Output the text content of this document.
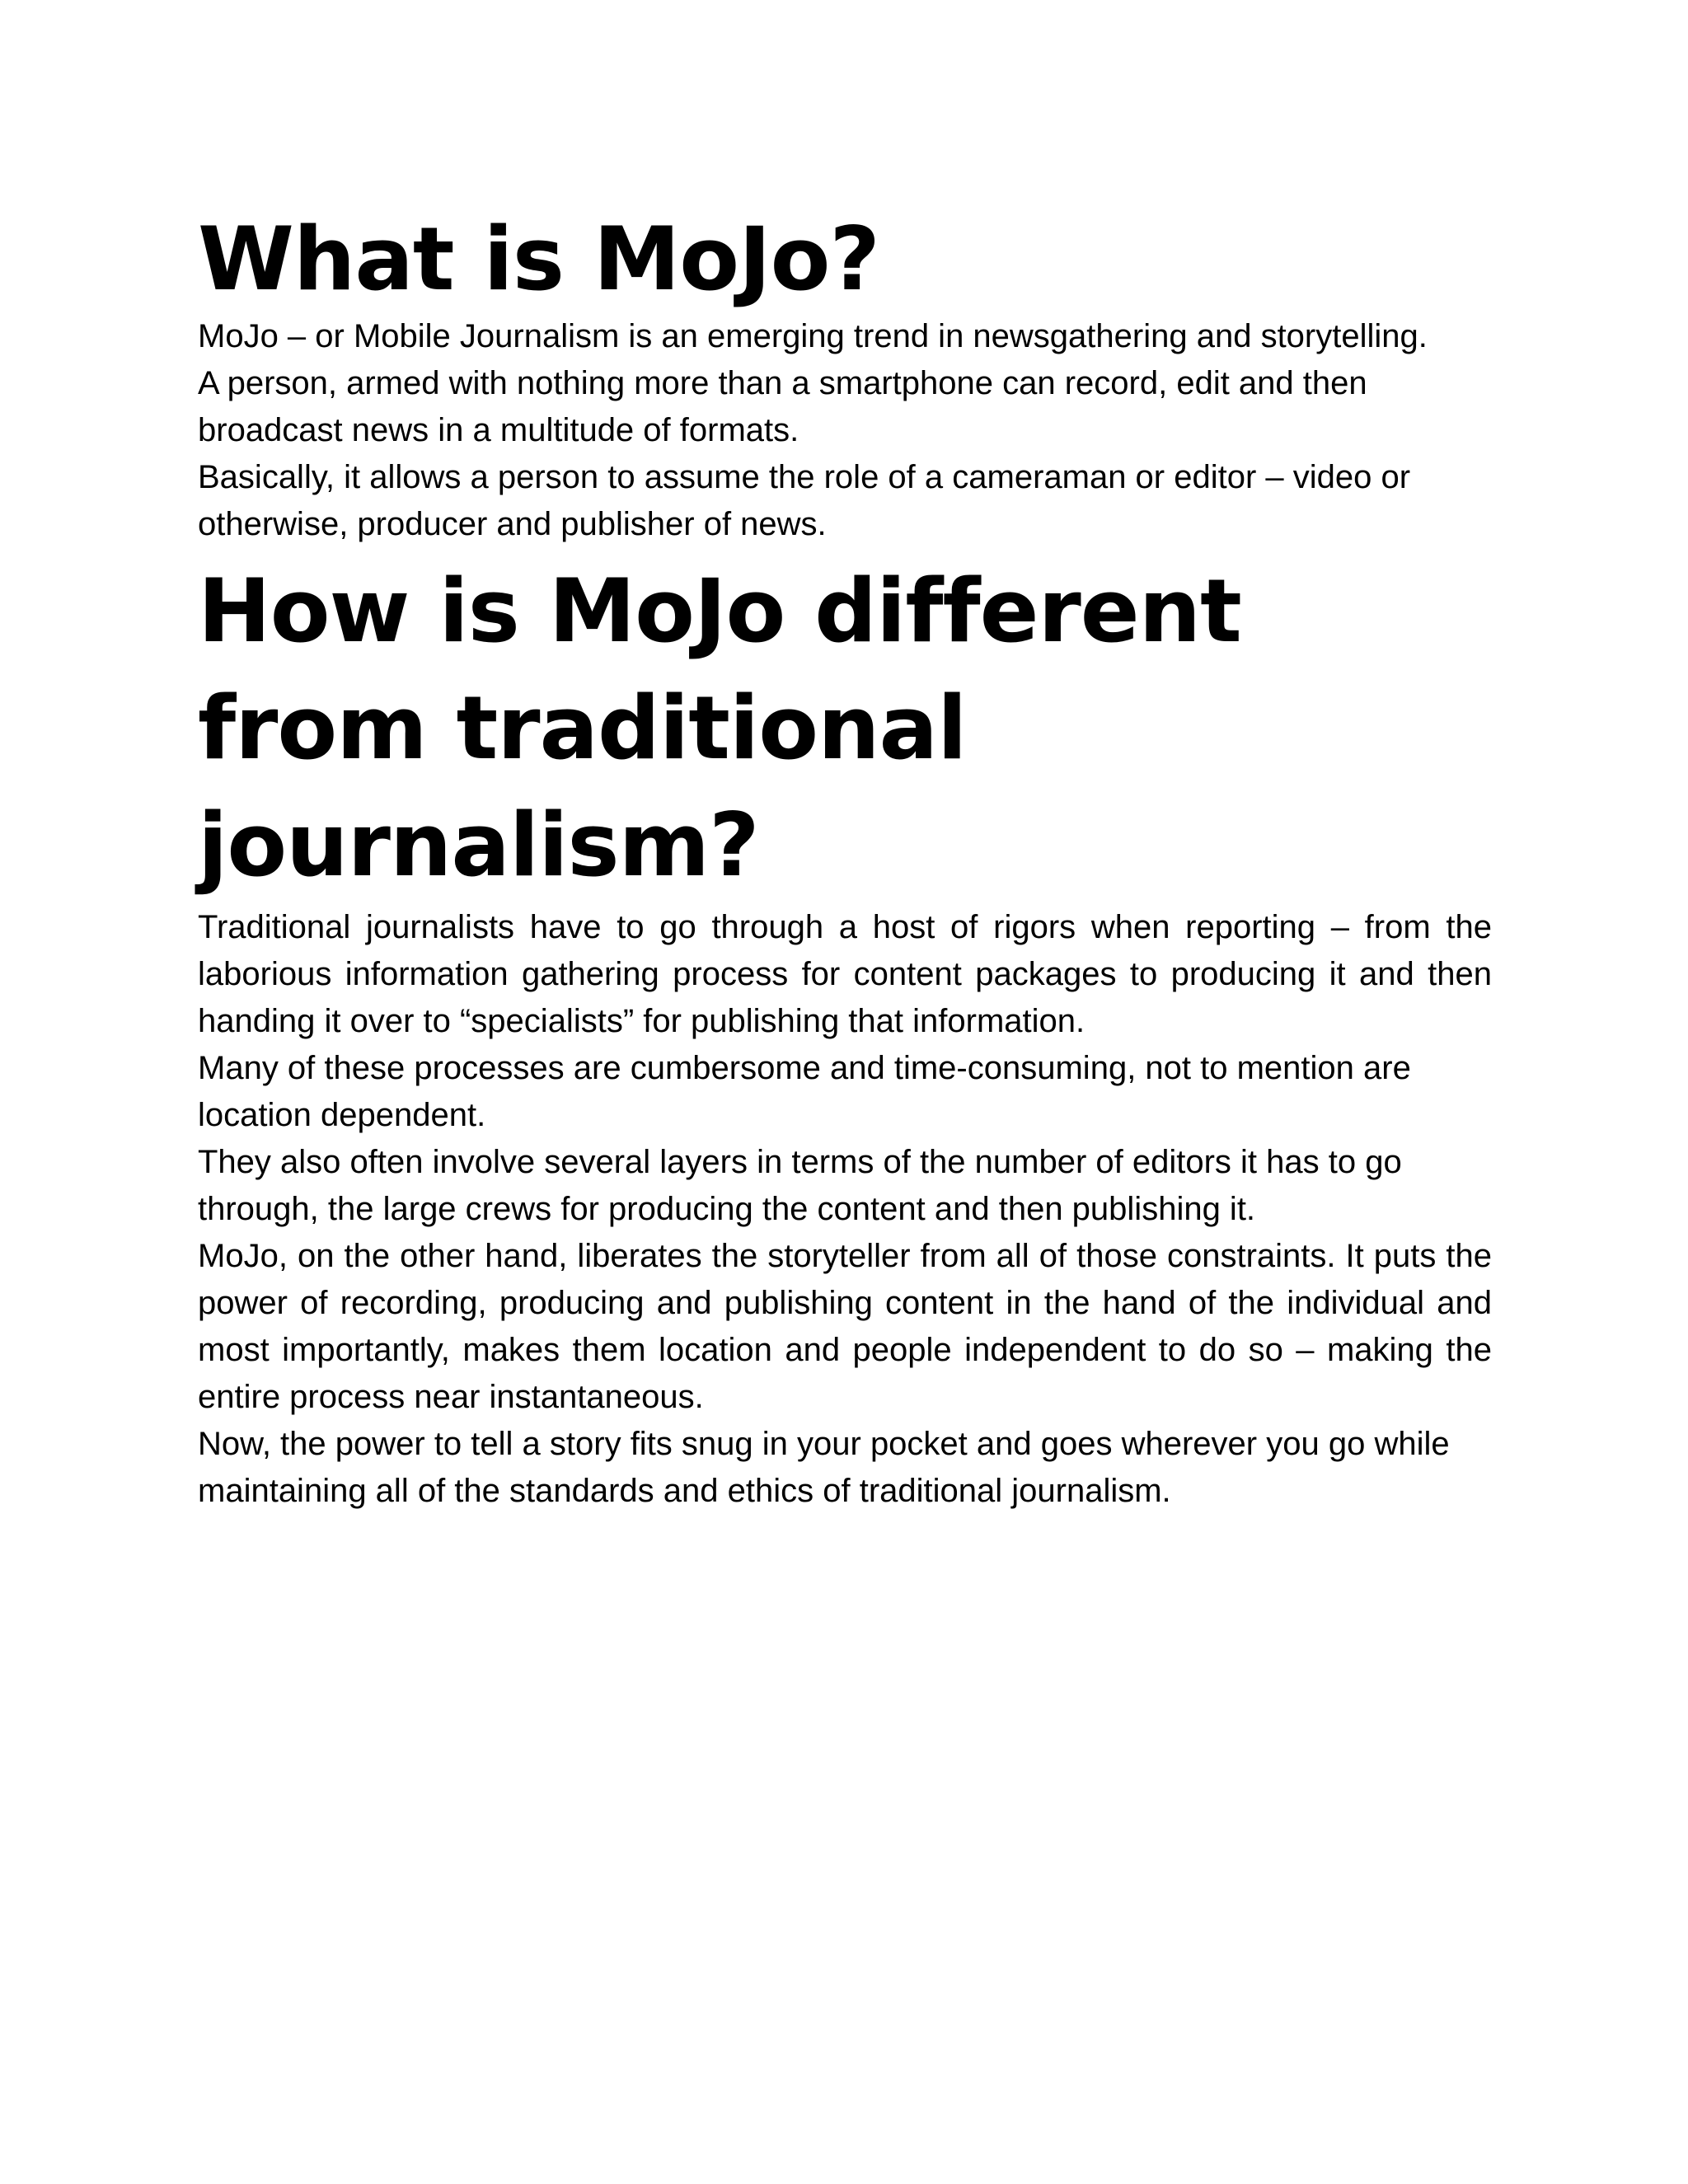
What is MoJo?

MoJo – or Mobile Journalism is an emerging trend in newsgathering and storytelling.

A person, armed with nothing more than a smartphone can record, edit and then broadcast news in a multitude of formats.

Basically, it allows a person to assume the role of a cameraman or editor – video or otherwise, producer and publisher of news.

How is MoJo different from traditional journalism?

Traditional journalists have to go through a host of rigors when reporting – from the laborious information gathering process for content packages to producing it and then handing it over to “specialists” for publishing that information.

Many of these processes are cumbersome and time-consuming, not to mention are location dependent.

They also often involve several layers in terms of the number of editors it has to go through, the large crews for producing the content and then publishing it.

MoJo, on the other hand, liberates the storyteller from all of those constraints. It puts the power of recording, producing and publishing content in the hand of the individual and most importantly, makes them location and people independent to do so – making the entire process near instantaneous.

Now, the power to tell a story fits snug in your pocket and goes wherever you go while maintaining all of the standards and ethics of traditional journalism.
